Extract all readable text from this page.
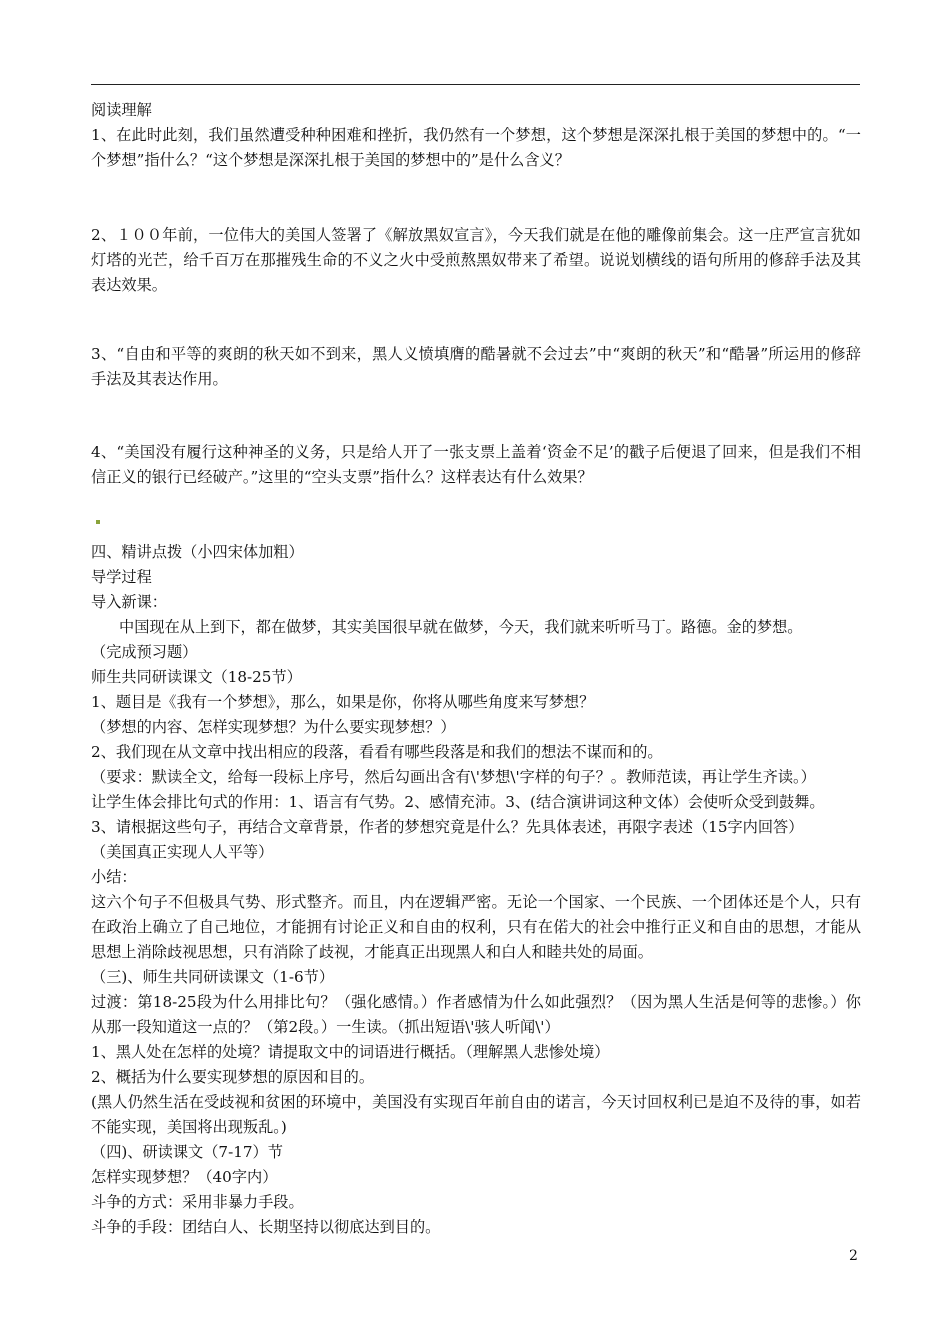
阅读理解

1、在此时此刻，我们虽然遭受种种困难和挫折，我仍然有一个梦想，这个梦想是深深扎根于美国的梦想中的。“一个梦想”指什么？“这个梦想是深深扎根于美国的梦想中的”是什么含义？

2、１００年前，一位伟大的美国人签署了《解放黑奴宣言》，今天我们就是在他的雕像前集会。这一庄严宣言犹如灯塔的光芒，给千百万在那摧残生命的不义之火中受煎熬黑奴带来了希望。说说划横线的语句所用的修辞手法及其表达效果。

3、“自由和平等的爽朗的秋天如不到来，黑人义愤填膺的酷暑就不会过去”中“爽朗的秋天”和“酷暑”所运用的修辞手法及其表达作用。

4、“美国没有履行这种神圣的义务，只是给人开了一张支票上盖着‘资金不足’的戳子后便退了回来，但是我们不相信正义的银行已经破产。”这里的“空头支票”指什么？这样表达有什么效果？

四、精讲点拨（小四宋体加粗）

导学过程

导入新课：

中国现在从上到下，都在做梦，其实美国很早就在做梦，今天，我们就来听听马丁。路德。金的梦想。

（完成预习题）

师生共同研读课文（18-25节）

1、题目是《我有一个梦想》，那么，如果是你，你将从哪些角度来写梦想？

（梦想的内容、怎样实现梦想？为什么要实现梦想？）

2、我们现在从文章中找出相应的段落，看看有哪些段落是和我们的想法不谋而和的。

（要求：默读全文，给每一段标上序号，然后勾画出含有\'梦想\'字样的句子？。教师范读，再让学生齐读。）

让学生体会排比句式的作用：1、语言有气势。2、感情充沛。3、(结合演讲词这种文体）会使听众受到鼓舞。

3、请根据这些句子，再结合文章背景，作者的梦想究竟是什么？先具体表述，再限字表述（15字内回答）

（美国真正实现人人平等）

小结：

这六个句子不但极具气势、形式整齐。而且，内在逻辑严密。无论一个国家、一个民族、一个团体还是个人，只有在政治上确立了自己地位，才能拥有讨论正义和自由的权利，只有在偌大的社会中推行正义和自由的思想，才能从思想上消除歧视思想，只有消除了歧视，才能真正出现黑人和白人和睦共处的局面。

（三)、师生共同研读课文（1-6节）

过渡：第18-25段为什么用排比句？（强化感情。）作者感情为什么如此强烈？（因为黑人生活是何等的悲惨。）你从那一段知道这一点的？（第2段。）一生读。（抓出短语\'骇人听闻\'）

1、黑人处在怎样的处境？请提取文中的词语进行概括。（理解黑人悲惨处境）

2、概括为什么要实现梦想的原因和目的。

(黑人仍然生活在受歧视和贫困的环境中，美国没有实现百年前自由的诺言，今天讨回权利已是迫不及待的事，如若不能实现，美国将出现叛乱。)

（四)、研读课文（7-17）节

怎样实现梦想？（40字内）

斗争的方式：采用非暴力手段。

斗争的手段：团结白人、长期坚持以彻底达到目的。

2
